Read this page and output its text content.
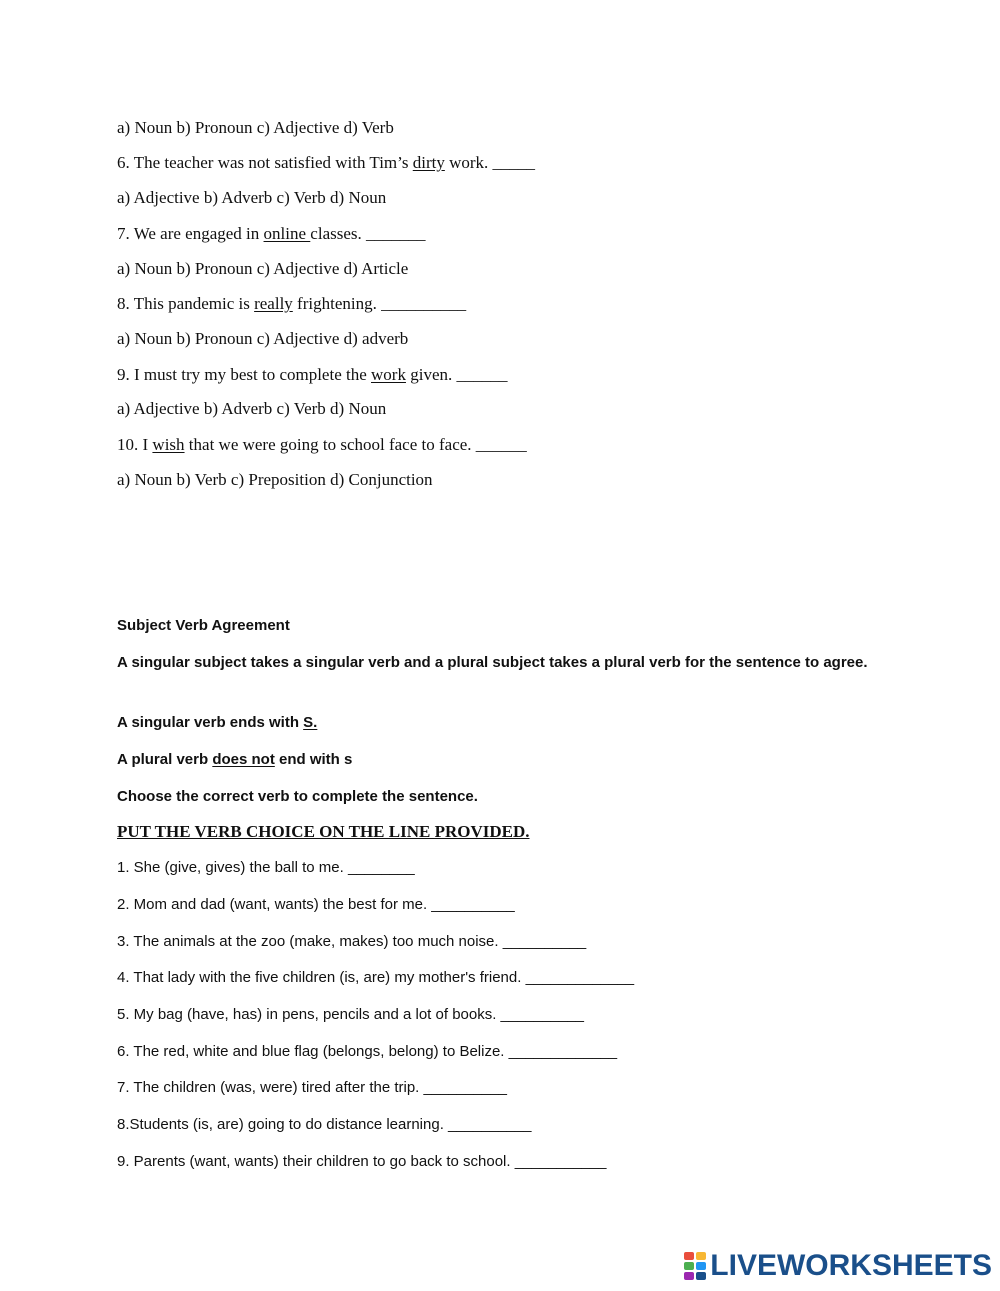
a) Noun b) Pronoun c) Adjective d) Verb
6. The teacher was not satisfied with Tim’s dirty work. _____
a) Adjective b) Adverb c) Verb d) Noun
7. We are engaged in online classes. _______
a) Noun b) Pronoun c) Adjective d) Article
8. This pandemic is really frightening. __________
a) Noun b) Pronoun c) Adjective d) adverb
9. I must try my best to complete the work given. ______
a) Adjective b) Adverb c) Verb d) Noun
10. I wish that we were going to school face to face. ______
a) Noun b) Verb c) Preposition d) Conjunction
Subject Verb Agreement
A singular subject takes a singular verb and a plural subject takes a plural verb for the sentence to agree.
A singular verb ends with S.
A plural verb does not end with s
Choose the correct verb to complete the sentence.
PUT THE VERB CHOICE ON THE LINE PROVIDED.
1. She (give, gives) the ball to me. ________
2. Mom and dad (want, wants) the best for me. __________
3. The animals at the zoo (make, makes) too much noise. __________
4. That lady with the five children (is, are) my mother's friend. _____________
5. My bag (have, has) in pens, pencils and a lot of books. __________
6. The red, white and blue flag (belongs, belong) to Belize. _____________
7. The children (was, were) tired after the trip. __________
8.Students (is, are) going to do distance learning. __________
9. Parents (want, wants) their children to go back to school. ___________
LIVEWORKSHEETS
